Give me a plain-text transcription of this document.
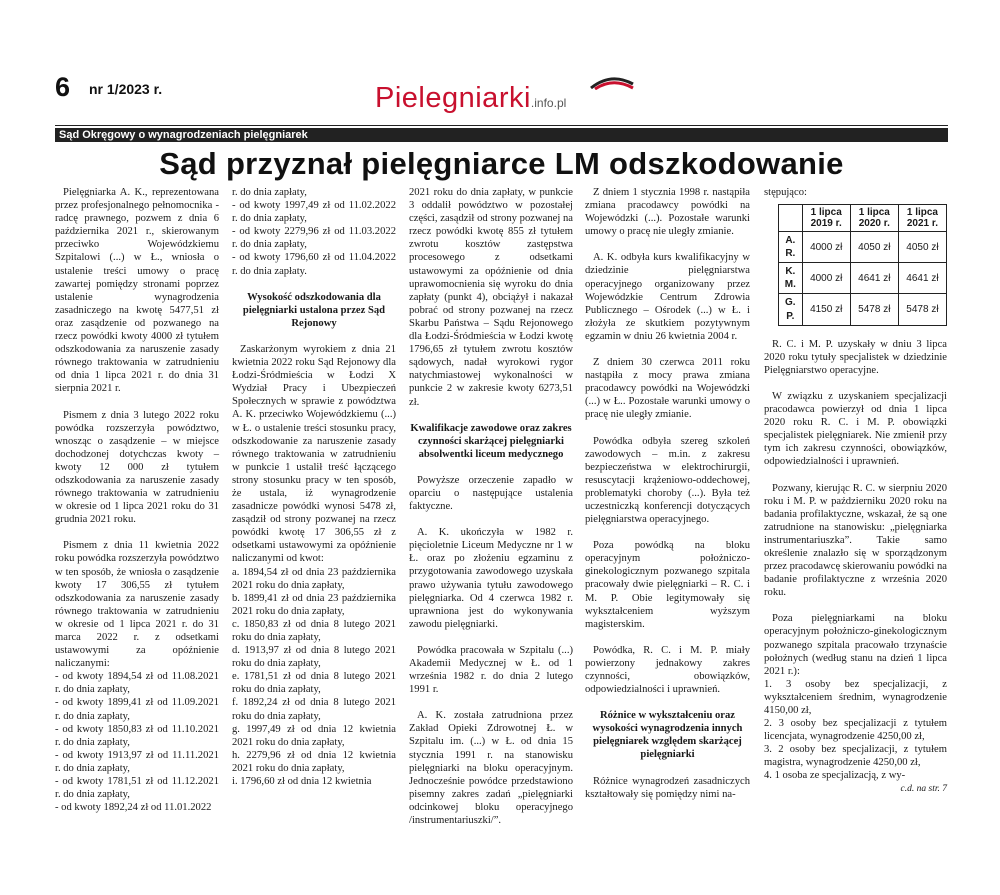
6 nr 1/2023 r.	Pielegniarki.info.pl
Sąd Okręgowy o wynagrodzeniach pielęgniarek
Sąd przyznał pielęgniarce LM odszkodowanie

Pielęgniarka A. K., reprezentowana przez profesjonalnego pełnomocnika - radcę prawnego, pozwem z dnia 6 października 2021 r., skierowanym przeciwko Wojewódzkiemu Szpitalowi (...) w Ł., wniosła o ustalenie treści umowy o pracę zawartej pomiędzy stronami poprzez ustalenie wynagrodzenia zasadniczego na kwotę 5477,51 zł oraz zasądzenie od pozwanego na rzecz powódki kwoty 4000 zł tytułem odszkodowania za naruszenie zasady równego traktowania w zatrudnieniu od dnia 1 lipca 2021 r. do dnia 31 sierpnia 2021 r.

Pismem z dnia 3 lutego 2022 roku powódka rozszerzyła powództwo, wnosząc o zasądzenie – w miejsce dochodzonej dotychczas kwoty – kwoty 12 000 zł tytułem odszkodowania za naruszenie zasady równego traktowania w zatrudnieniu w okresie od 1 lipca 2021 roku do 31 grudnia 2021 roku.

Pismem z dnia 11 kwietnia 2022 roku powódka rozszerzyła powództwo w ten sposób, że wniosła o zasądzenie kwoty 17 306,55 zł tytułem odszkodowania za naruszenie zasady równego traktowania w zatrudnieniu w okresie od 1 lipca 2021 r. do 31 marca 2022 r. z odsetkami ustawowymi za opóźnienie naliczanymi:

- od kwoty 1894,54 zł od 11.08.2021 r. do dnia zapłaty,
- od kwoty 1899,41 zł od 11.09.2021 r. do dnia zapłaty,
- od kwoty 1850,83 zł od 11.10.2021 r. do dnia zapłaty,
- od kwoty 1913,97 zł od 11.11.2021 r. do dnia zapłaty,
- od kwoty 1781,51 zł od 11.12.2021 r. do dnia zapłaty,
- od kwoty 1892,24 zł od 11.01.2022
r. do dnia zapłaty,
- od kwoty 1997,49 zł od 11.02.2022 r. do dnia zapłaty,
- od kwoty 2279,96 zł od 11.03.2022 r. do dnia zapłaty,
- od kwoty 1796,60 zł od 11.04.2022 r. do dnia zapłaty.

Wysokość odszkodowania dla pielęgniarki ustalona przez Sąd Rejonowy

Zaskarżonym wyrokiem z dnia 21 kwietnia 2022 roku Sąd Rejonowy dla Łodzi-Śródmieścia w Łodzi X Wydział Pracy i Ubezpieczeń Społecznych w sprawie z powództwa A. K. przeciwko Wojewódzkiemu (...) w Ł. o ustalenie treści stosunku pracy, odszkodowanie za naruszenie zasady równego traktowania w zatrudnieniu w punkcie 1 ustalił treść łączącego strony stosunku pracy w ten sposób, że ustala, iż wynagrodzenie zasadnicze powódki wynosi 5478 zł, zasądził od strony pozwanej na rzecz powódki kwotę 17 306,55 zł z odsetkami ustawowymi za opóźnienie naliczanymi od kwot:

a. 1894,54 zł od dnia 23 października 2021 roku do dnia zapłaty,
b. 1899,41 zł od dnia 23 października 2021 roku do dnia zapłaty,
c. 1850,83 zł od dnia 8 lutego 2021 roku do dnia zapłaty,
d. 1913,97 zł od dnia 8 lutego 2021 roku do dnia zapłaty,
e. 1781,51 zł od dnia 8 lutego 2021 roku do dnia zapłaty,
f. 1892,24 zł od dnia 8 lutego 2021 roku do dnia zapłaty,
g. 1997,49 zł od dnia 12 kwietnia 2021 roku do dnia zapłaty,
h. 2279,96 zł od dnia 12 kwietnia 2021 roku do dnia zapłaty,
i. 1796,60 zł od dnia 12 kwietnia

2021 roku do dnia zapłaty, w punkcie 3 oddalił powództwo w pozostałej części, zasądził od strony pozwanej na rzecz powódki kwotę 855 zł tytułem zwrotu kosztów zastępstwa procesowego z odsetkami ustawowymi za opóźnienie od dnia uprawomocnienia się wyroku do dnia zapłaty (punkt 4), obciążył i nakazał pobrać od strony pozwanej na rzecz Skarbu Państwa – Sądu Rejonowego dla Łodzi-Śródmieścia w Łodzi kwotę 1796,65 zł tytułem zwrotu kosztów sądowych, nadał wyrokowi rygor natychmiastowej wykonalności w punkcie 2 w zakresie kwoty 6273,51 zł.

Kwalifikacje zawodowe oraz zakres czynności skarżącej pielęgniarki absolwentki liceum medycznego

Powyższe orzeczenie zapadło w oparciu o następujące ustalenia faktyczne.

A. K. ukończyła w 1982 r. pięcioletnie Liceum Medyczne nr 1 w Ł. oraz po złożeniu egzaminu z przygotowania zawodowego uzyskała prawo używania tytułu zawodowego pielęgniarka. Od 4 czerwca 1982 r. uprawniona jest do wykonywania zawodu pielęgniarki.

Powódka pracowała w Szpitalu (...) Akademii Medycznej w Ł. od 1 września 1982 r. do dnia 2 lutego 1991 r.

A. K. została zatrudniona przez Zakład Opieki Zdrowotnej Ł. w Szpitalu im. (...) w Ł. od dnia 15 stycznia 1991 r. na stanowisku pielęgniarki na bloku operacyjnym. Jednocześnie powódce przedstawiono pisemny zakres zadań „pielęgniarki odcinkowej bloku operacyjnego /instrumentariuszki/”.

Z dniem 1 stycznia 1998 r. nastąpiła zmiana pracodawcy powódki na Wojewódzki (...). Pozostałe warunki umowy o pracę nie uległy zmianie.

A. K. odbyła kurs kwalifikacyjny w dziedzinie pielęgniarstwa operacyjnego organizowany przez Wojewódzkie Centrum Zdrowia Publicznego – Ośrodek (...) w Ł. i złożyła ze skutkiem pozytywnym egzamin w dniu 26 kwietnia 2004 r.

Z dniem 30 czerwca 2011 roku nastąpiła z mocy prawa zmiana pracodawcy powódki na Wojewódzki (...) w Ł.. Pozostałe warunki umowy o pracę nie uległy zmianie.

Powódka odbyła szereg szkoleń zawodowych – m.in. z zakresu bezpieczeństwa w elektrochirurgii, resuscytacji krążeniowo-oddechowej, problematyki choroby (...). Była też uczestniczką konferencji dotyczących pielęgniarstwa operacyjnego.

Poza powódką na bloku operacyjnym położniczo-ginekologicznym pozwanego szpitala pracowały dwie pielęgniarki – R. C. i M. P. Obie legitymowały się wykształceniem wyższym magisterskim.

Powódka, R. C. i M. P. miały powierzony jednakowy zakres czynności, obowiązków, odpowiedzialności i uprawnień.

Różnice w wykształceniu oraz wysokości wynagrodzenia innych pielęgniarek względem skarżącej pielęgniarki

Różnice wynagrodzeń zasadniczych kształtowały się pomiędzy nimi na-

stępująco:

	1 lipca 2019 r.	1 lipca 2020 r.	1 lipca 2021 r.
A. R.	4000 zł	4050 zł	4050 zł
K. M.	4000 zł	4641 zł	4641 zł
G. P.	4150 zł	5478 zł	5478 zł

R. C. i M. P. uzyskały w dniu 3 lipca 2020 roku tytuły specjalistek w dziedzinie Pielęgniarstwo operacyjne.

W związku z uzyskaniem specjalizacji pracodawca powierzył od dnia 1 lipca 2020 roku R. C. i M. P. obowiązki specjalistek pielęgniarek. Nie zmienił przy tym ich zakresu czynności, obowiązków, odpowiedzialności i uprawnień.

Pozwany, kierując R. C. w sierpniu 2020 roku i M. P. w październiku 2020 roku na badania profilaktyczne, wskazał, że są one zatrudnione na stanowisku: „pielęgniarka instrumentariuszka”. Takie samo określenie znalazło się w sporządzonym przez pracodawcę skierowaniu powódki na badanie profilaktyczne z września 2020 roku.

Poza pielęgniarkami na bloku operacyjnym położniczo-ginekologicznym pozwanego szpitala pracowało trzynaście położnych (według stanu na dzień 1 lipca 2021 r.):

1. 3 osoby bez specjalizacji, z wykształceniem średnim, wynagrodzenie 4150,00 zł,
2. 3 osoby bez specjalizacji z tytułem licencjata, wynagrodzenie 4250,00 zł,
3. 2 osoby bez specjalizacji, z tytułem magistra, wynagrodzenie 4250,00 zł,
4. 1 osoba ze specjalizacją, z wy-

c.d. na str. 7
